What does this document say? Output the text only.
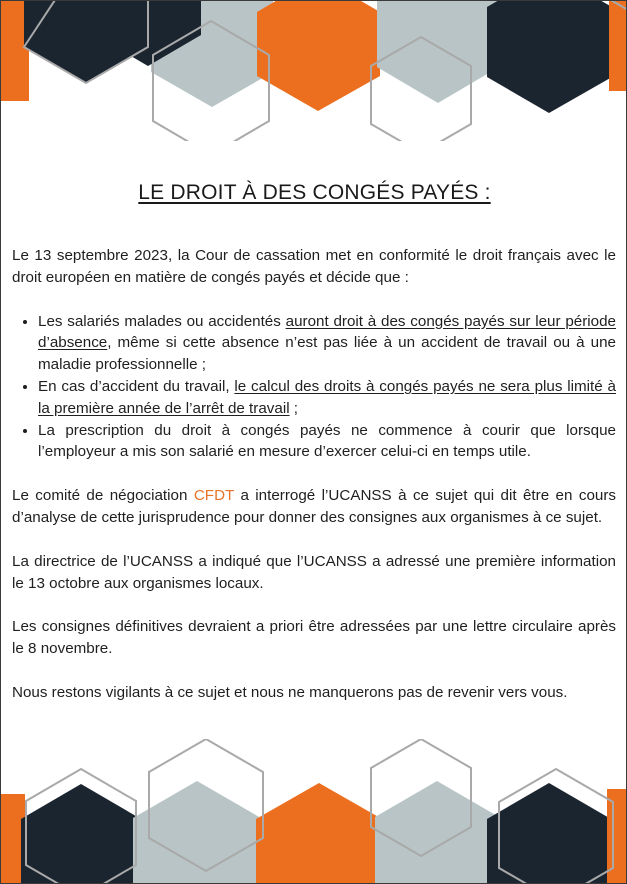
LE DROIT À DES CONGÉS PAYÉS :

Le 13 septembre 2023, la Cour de cassation met en conformité le droit français avec le droit européen en matière de congés payés et décide que :

• Les salariés malades ou accidentés auront droit à des congés payés sur leur période d’absence, même si cette absence n’est pas liée à un accident de travail ou à une maladie professionnelle ;
• En cas d’accident du travail, le calcul des droits à congés payés ne sera plus limité à la première année de l’arrêt de travail ;
• La prescription du droit à congés payés ne commence à courir que lorsque l’employeur a mis son salarié en mesure d’exercer celui-ci en temps utile.

Le comité de négociation CFDT a interrogé l’UCANSS à ce sujet qui dit être en cours d’analyse de cette jurisprudence pour donner des consignes aux organismes à ce sujet.

La directrice de l’UCANSS a indiqué que l’UCANSS a adressé une première information le 13 octobre aux organismes locaux.

Les consignes définitives devraient a priori être adressées par une lettre circulaire après le 8 novembre.

Nous restons vigilants à ce sujet et nous ne manquerons pas de revenir vers vous.
